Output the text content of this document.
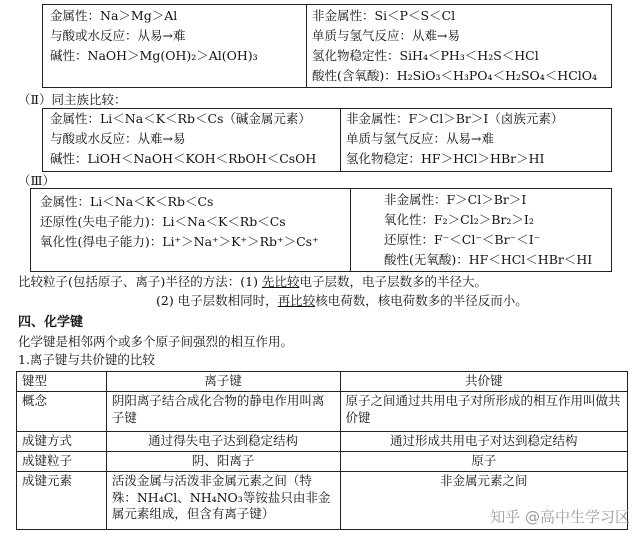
金属性：Na＞Mg＞Al
与酸或水反应：从易→难
碱性：NaOH＞Mg(OH)₂＞Al(OH)₃
非金属性：Si＜P＜S＜Cl
单质与氢气反应：从难→易
氢化物稳定性：SiH₄＜PH₃＜H₂S＜HCl
酸性(含氧酸)：H₂SiO₃＜H₃PO₄＜H₂SO₄＜HClO₄
（Ⅱ）同主族比较：
金属性：Li＜Na＜K＜Rb＜Cs（碱金属元素）
与酸或水反应：从难→易
碱性：LiOH＜NaOH＜KOH＜RbOH＜CsOH
非金属性：F＞Cl＞Br＞I（卤族元素）
单质与氢气反应：从易→难
氢化物稳定：HF＞HCl＞HBr＞HI
（Ⅲ）
金属性：Li＜Na＜K＜Rb＜Cs
还原性(失电子能力)：Li＜Na＜K＜Rb＜Cs
氧化性(得电子能力)：Li⁺＞Na⁺＞K⁺＞Rb⁺＞Cs⁺
非金属性：F＞Cl＞Br＞I
氧化性：F₂＞Cl₂＞Br₂＞I₂
还原性：F⁻＜Cl⁻＜Br⁻＜I⁻
酸性(无氧酸)：HF＜HCl＜HBr＜HI
比较粒子(包括原子、离子)半径的方法：(1) 先比较电子层数，电子层数多的半径大。
(2) 电子层数相同时，再比较核电荷数，核电荷数多的半径反而小。
四、化学键
化学键是相邻两个或多个原子间强烈的相互作用。
1.离子键与共价键的比较
键型	离子键	共价键
概念	阴阳离子结合成化合物的静电作用叫离子键	原子之间通过共用电子对所形成的相互作用叫做共价键
成键方式	通过得失电子达到稳定结构	通过形成共用电子对达到稳定结构
成键粒子	阴、阳离子	原子
成键元素	活泼金属与活泼非金属元素之间（特殊：NH₄Cl、NH₄NO₃等铵盐只由非金属元素组成，但含有离子键）	非金属元素之间
知乎 @高中生学习区
